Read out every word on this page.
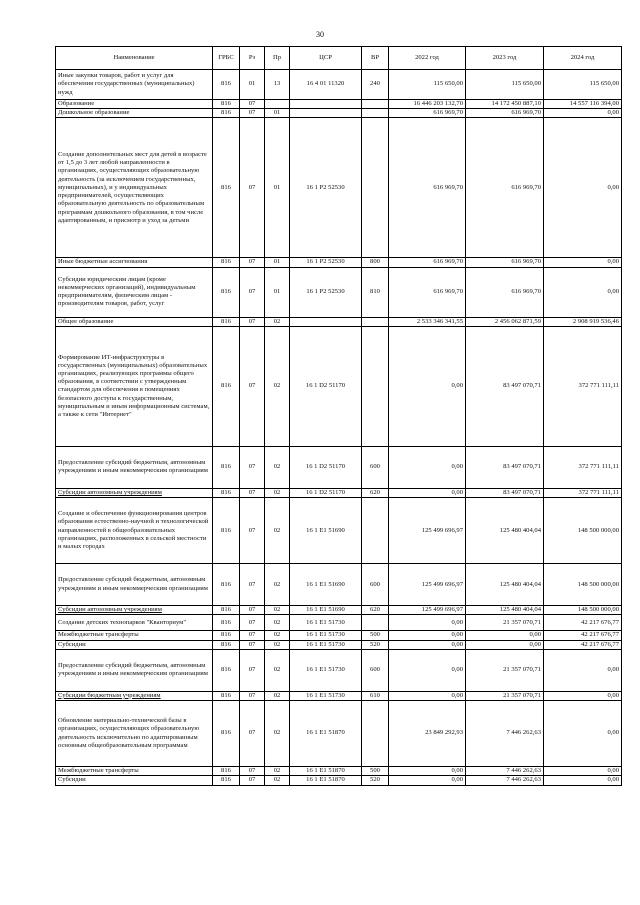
30
Наименование	ГРБС	Рз	Пр	ЦСР	ВР	2022 год	2023 год	2024 год
Иные закупки товаров, работ и услуг для обеспечения государственных (муниципальных) нужд	816	01	13	16 4 01 11320	240	115 650,00	115 650,00	115 650,00
Образование	816	07				16 446 203 132,70	14 172 450 887,10	14 557 116 394,00
Дошкольное образование	816	07	01			616 969,70	616 969,70	0,00
Создание дополнительных мест для детей в возрасте от 1,5 до 3 лет любой направленности в организациях, осуществляющих образовательную деятельность (за исключением государственных, муниципальных), и у индивидуальных предпринимателей, осуществляющих образовательную деятельность по образовательным программам дошкольного образования, в том числе адаптированным, и присмотр и уход за детьми	816	07	01	16 1 Р2 52530		616 969,70	616 969,70	0,00
Иные бюджетные ассигнования	816	07	01	16 1 Р2 52530	800	616 969,70	616 969,70	0,00
Субсидии юридическим лицам (кроме некоммерческих организаций), индивидуальным предпринимателям, физическим лицам - производителям товаров, работ, услуг	816	07	01	16 1 Р2 52530	810	616 969,70	616 969,70	0,00
Общее образование	816	07	02			2 533 346 341,55	2 456 062 871,59	2 908 919 536,46
Формирование ИТ-инфраструктуры в государственных (муниципальных) образовательных организациях, реализующих программы общего образования, в соответствии с утвержденным стандартом для обеспечения в помещениях безопасного доступа к государственным, муниципальным и иным информационным системам, а также к сети "Интернет"	816	07	02	16 1 D2 51170		0,00	83 497 070,71	372 771 111,11
Предоставление субсидий бюджетным, автономным учреждениям и иным некоммерческим организациям	816	07	02	16 1 D2 51170	600	0,00	83 497 070,71	372 771 111,11
Субсидии автономным учреждениям	816	07	02	16 1 D2 51170	620	0,00	83 497 070,71	372 771 111,11
Создание и обеспечение функционирования центров образования естественно-научной и технологической направленностей в общеобразовательных организациях, расположенных в сельской местности и малых городах	816	07	02	16 1 E1 51690		125 499 696,97	125 480 404,04	148 500 000,00
Предоставление субсидий бюджетным, автономным учреждениям и иным некоммерческим организациям	816	07	02	16 1 E1 51690	600	125 499 696,97	125 480 404,04	148 500 000,00
Субсидии автономным учреждениям	816	07	02	16 1 E1 51690	620	125 499 696,97	125 480 404,04	148 500 000,00
Создание детских технопарков "Кванториум"	816	07	02	16 1 E1 51730		0,00	21 357 070,71	42 217 676,77
Межбюджетные трансферты	816	07	02	16 1 E1 51730	500	0,00	0,00	42 217 676,77
Субсидии	816	07	02	16 1 E1 51730	520	0,00	0,00	42 217 676,77
Предоставление субсидий бюджетным, автономным учреждениям и иным некоммерческим организациям	816	07	02	16 1 E1 51730	600	0,00	21 357 070,71	0,00
Субсидии бюджетным учреждениям	816	07	02	16 1 E1 51730	610	0,00	21 357 070,71	0,00
Обновление материально-технической базы в организациях, осуществляющих образовательную деятельность исключительно по адаптированным основным общеобразовательным программам	816	07	02	16 1 E1 51870		23 849 292,93	7 446 262,63	0,00
Межбюджетные трансферты	816	07	02	16 1 E1 51870	500	0,00	7 446 262,63	0,00
Субсидии	816	07	02	16 1 E1 51870	520	0,00	7 446 262,63	0,00
